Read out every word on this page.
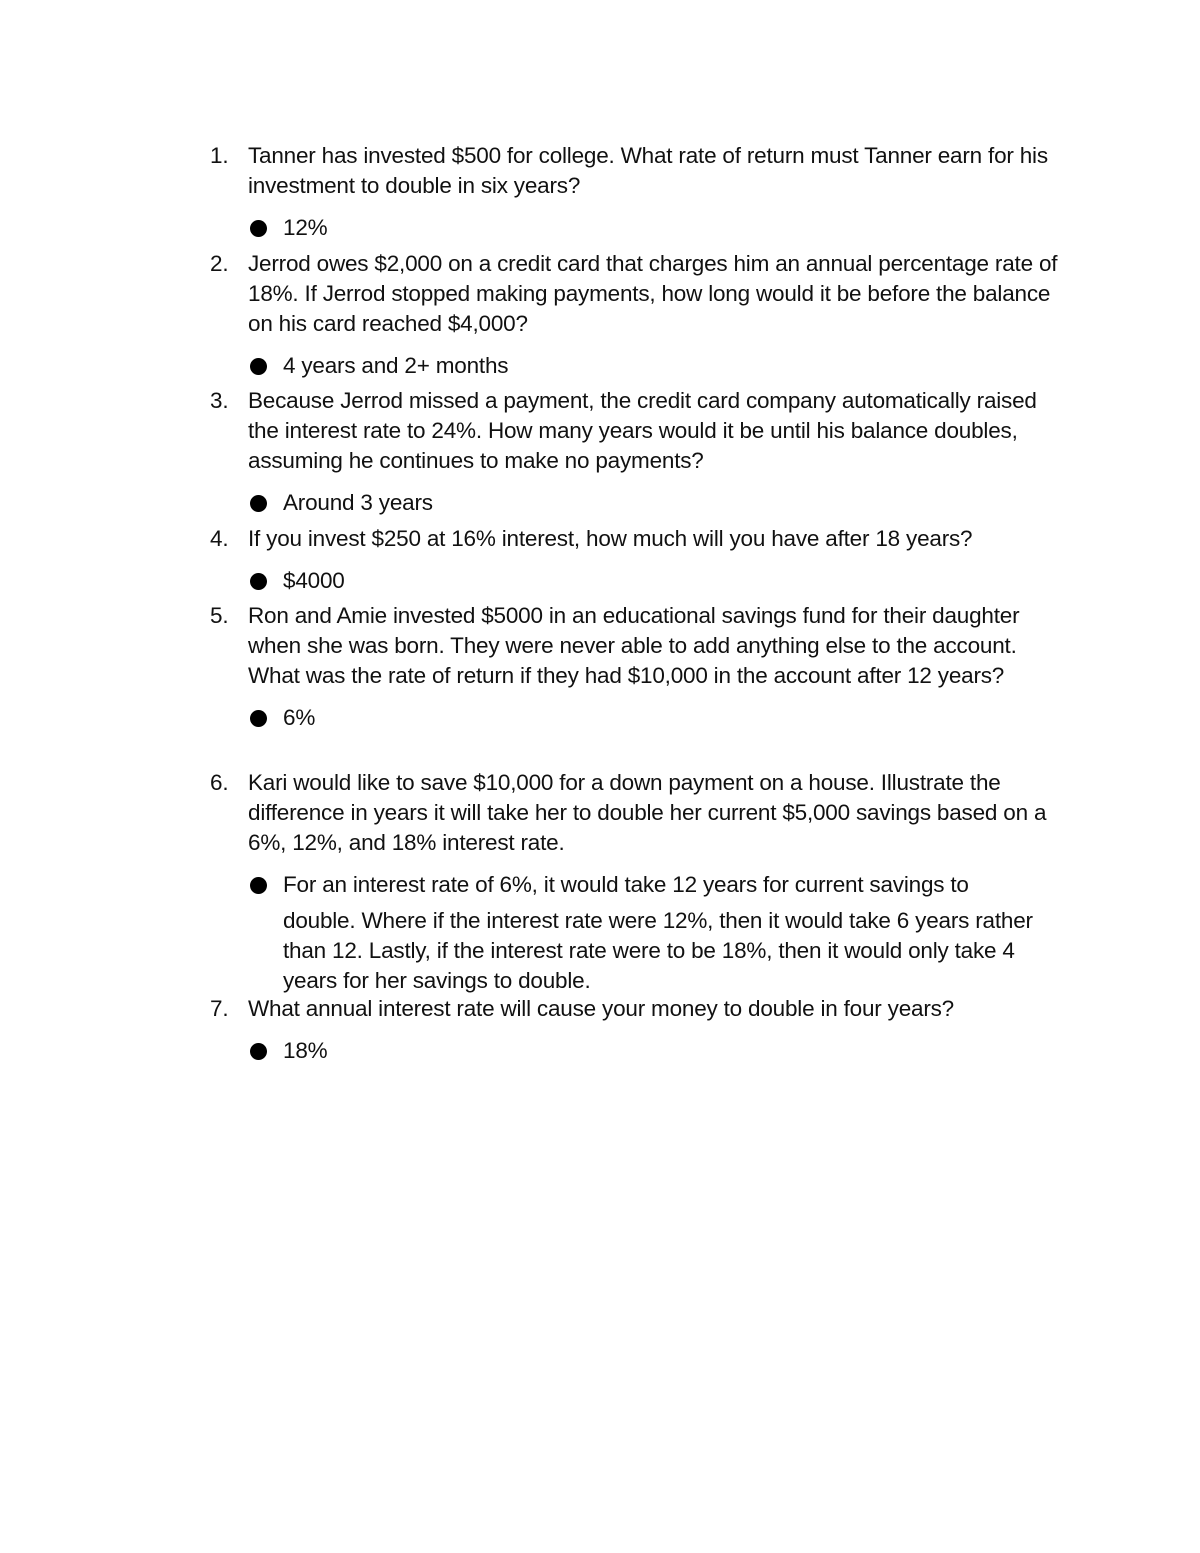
1. Tanner has invested $500 for college. What rate of return must Tanner earn for his investment to double in six years?
12%
2. Jerrod owes $2,000 on a credit card that charges him an annual percentage rate of 18%. If Jerrod stopped making payments, how long would it be before the balance on his card reached $4,000?
4 years and 2+ months
3. Because Jerrod missed a payment, the credit card company automatically raised the interest rate to 24%. How many years would it be until his balance doubles, assuming he continues to make no payments?
Around 3 years
4. If you invest $250 at 16% interest, how much will you have after 18 years?
$4000
5. Ron and Amie invested $5000 in an educational savings fund for their daughter when she was born. They were never able to add anything else to the account. What was the rate of return if they had $10,000 in the account after 12 years?
6%
6. Kari would like to save $10,000 for a down payment on a house. Illustrate the difference in years it will take her to double her current $5,000 savings based on a 6%, 12%, and 18% interest rate.
For an interest rate of 6%, it would take 12 years for current savings to
double. Where if the interest rate were 12%, then it would take 6 years rather than 12. Lastly, if the interest rate were to be 18%, then it would only take 4 years for her savings to double.
7. What annual interest rate will cause your money to double in four years?
18%
